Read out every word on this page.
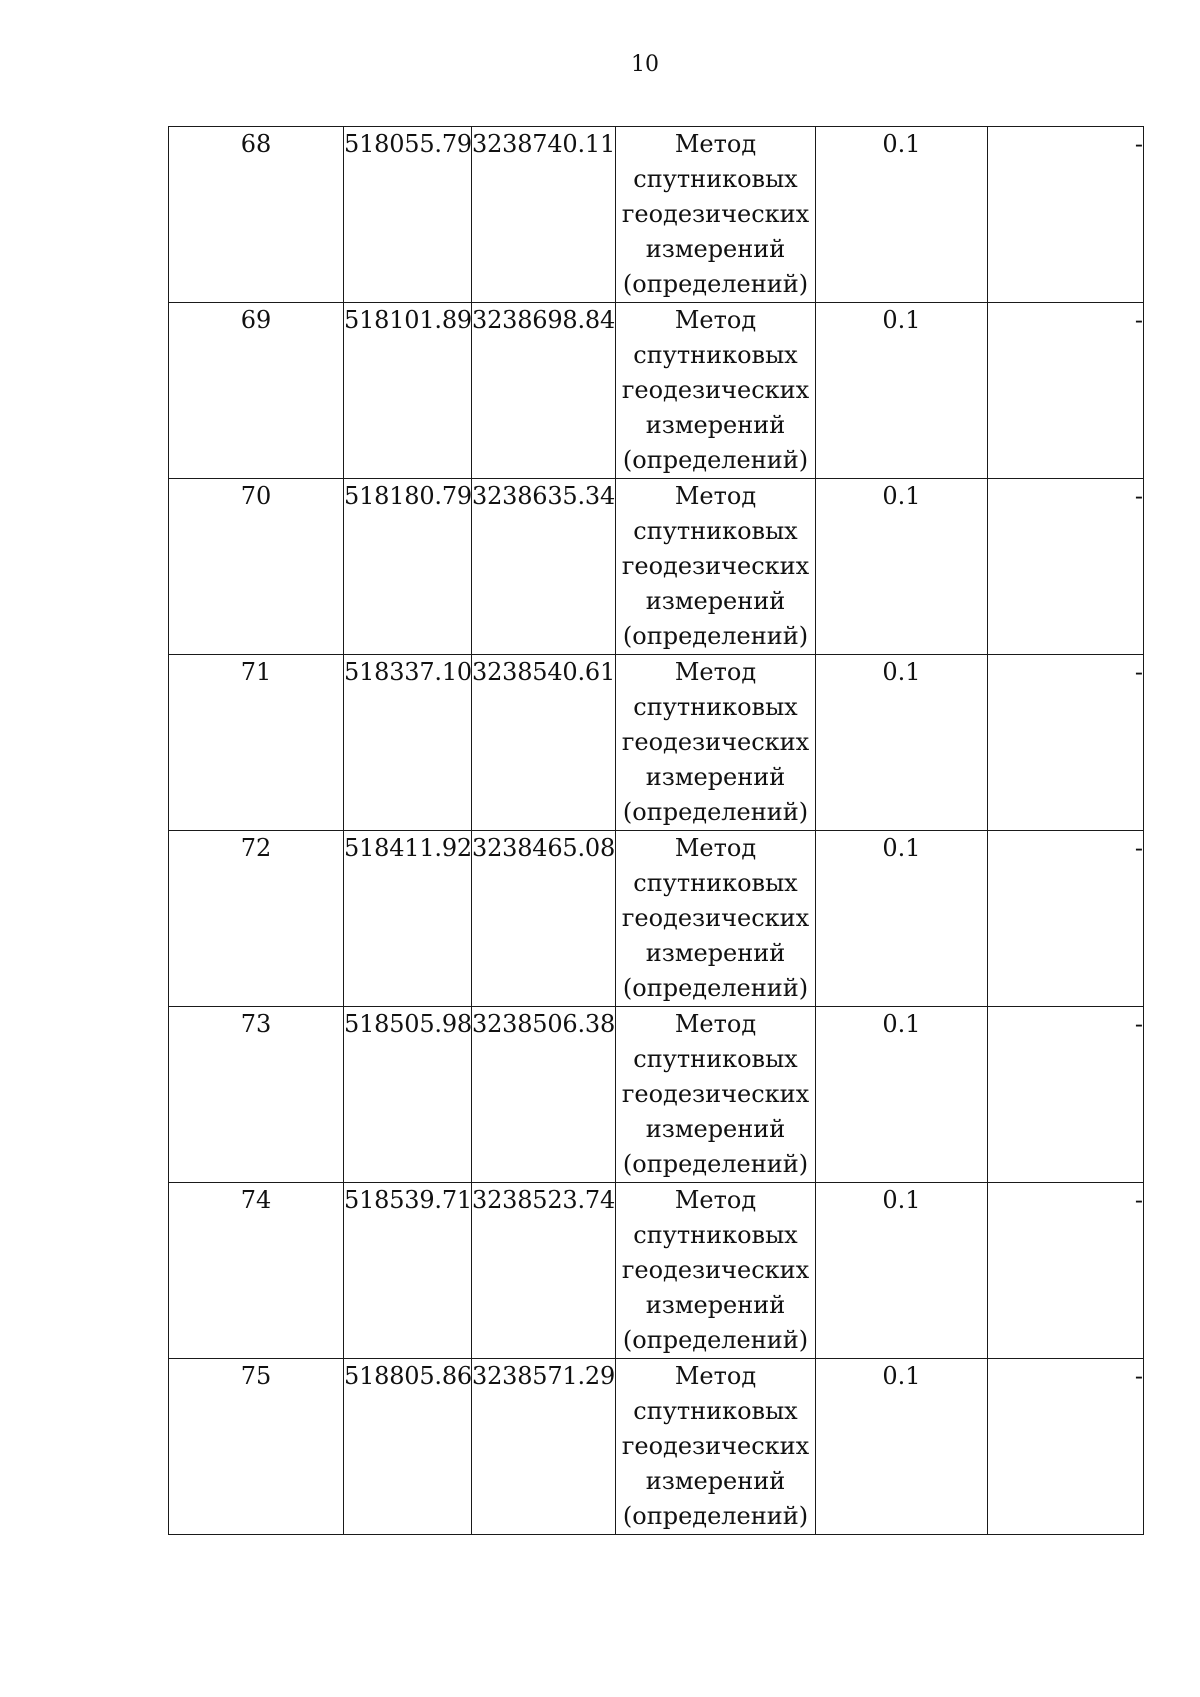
10
68	518055.79	3238740.11	Метод
спутниковых
геодезических
измерений
(определений)	0.1	-
69	518101.89	3238698.84	Метод
спутниковых
геодезических
измерений
(определений)	0.1	-
70	518180.79	3238635.34	Метод
спутниковых
геодезических
измерений
(определений)	0.1	-
71	518337.10	3238540.61	Метод
спутниковых
геодезических
измерений
(определений)	0.1	-
72	518411.92	3238465.08	Метод
спутниковых
геодезических
измерений
(определений)	0.1	-
73	518505.98	3238506.38	Метод
спутниковых
геодезических
измерений
(определений)	0.1	-
74	518539.71	3238523.74	Метод
спутниковых
геодезических
измерений
(определений)	0.1	-
75	518805.86	3238571.29	Метод
спутниковых
геодезических
измерений
(определений)	0.1	-
